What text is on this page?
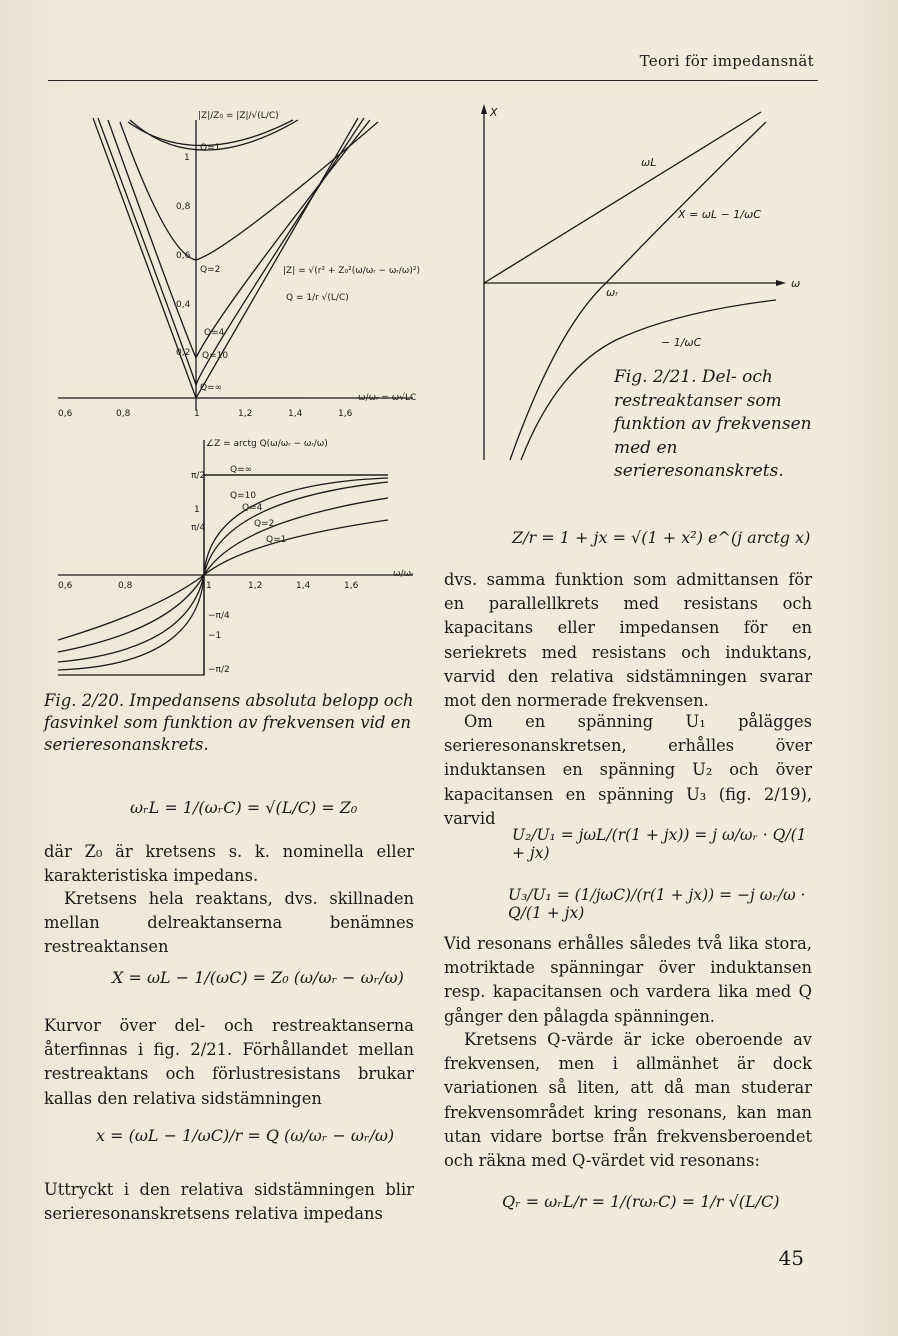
Teori för impedansnät
0,2
0,4
0,6
0,8
1
0,6	0,8	1	1,2	1,4	1,6
Q=1
Q=2
Q=4
Q=10
Q=∞
|Z|/Z₀ = |Z|/√(L/C)
|Z| = √(r² + Z₀²(ω/ωᵣ − ωᵣ/ω)²)
Q = 1/r √(L/C)
ω/ωᵣ = ω√LC
∠Z = arctg Q(ω/ωᵣ − ωᵣ/ω)
ω/ωᵣ
π/2
1
π/4
−π/4
−1
−π/2
0,6	0,8	1	1,2	1,4	1,6
Q=∞
Q=10
Q=4
Q=2
Q=1
Fig. 2/20. Impedansens absoluta belopp och fasvinkel som funktion av frekvensen vid en serieresonanskrets.
ωᵣL = 1/(ωᵣC) = √(L/C) = Z₀

där Z₀ är kretsens s. k. nominella eller karakteristiska impedans.

Kretsens hela reaktans, dvs. skillnaden mellan delreaktanserna benämnes restreaktansen

X = ωL − 1/(ωC) = Z₀ (ω/ωᵣ − ωᵣ/ω)

Kurvor över del- och restreaktanserna återfinnas i fig. 2/21. Förhållandet mellan restreaktans och förlustresistans brukar kallas den relativa sidstämningen

x = (ωL − 1/ωC)/r = Q (ω/ωᵣ − ωᵣ/ω)

Uttryckt i den relativa sidstämningen blir serieresonanskretsens relativa impedans

X
ω
ωL
X = ωL − 1/ωC
ωᵣ
− 1/ωC
Fig. 2/21. Del- och restreaktanser som funktion av frekvensen med en serieresonanskrets.
Z/r = 1 + jx = √(1 + x²) e^(j arctg x)

dvs. samma funktion som admittansen för en parallellkrets med resistans och kapacitans eller impedansen för en seriekrets med resistans och induktans, varvid den relativa sidstämningen svarar mot den normerade frekvensen.

Om en spänning U₁ pålägges serieresonanskretsen, erhålles över induktansen en spänning U₂ och över kapacitansen en spänning U₃ (fig. 2/19), varvid

U₂/U₁ = jωL/(r(1 + jx)) = j ω/ωᵣ · Q/(1 + jx)
U₃/U₁ = (1/jωC)/(r(1 + jx)) = −j ωᵣ/ω · Q/(1 + jx)

Vid resonans erhålles således två lika stora, motriktade spänningar över induktansen resp. kapacitansen och vardera lika med Q gånger den pålagda spänningen.

Kretsens Q-värde är icke oberoende av frekvensen, men i allmänhet är dock variationen så liten, att då man studerar frekvensområdet kring resonans, kan man utan vidare bortse från frekvensberoendet och räkna med Q-värdet vid resonans:

Qᵣ = ωᵣL/r = 1/(rωᵣC) = 1/r √(L/C)
45
